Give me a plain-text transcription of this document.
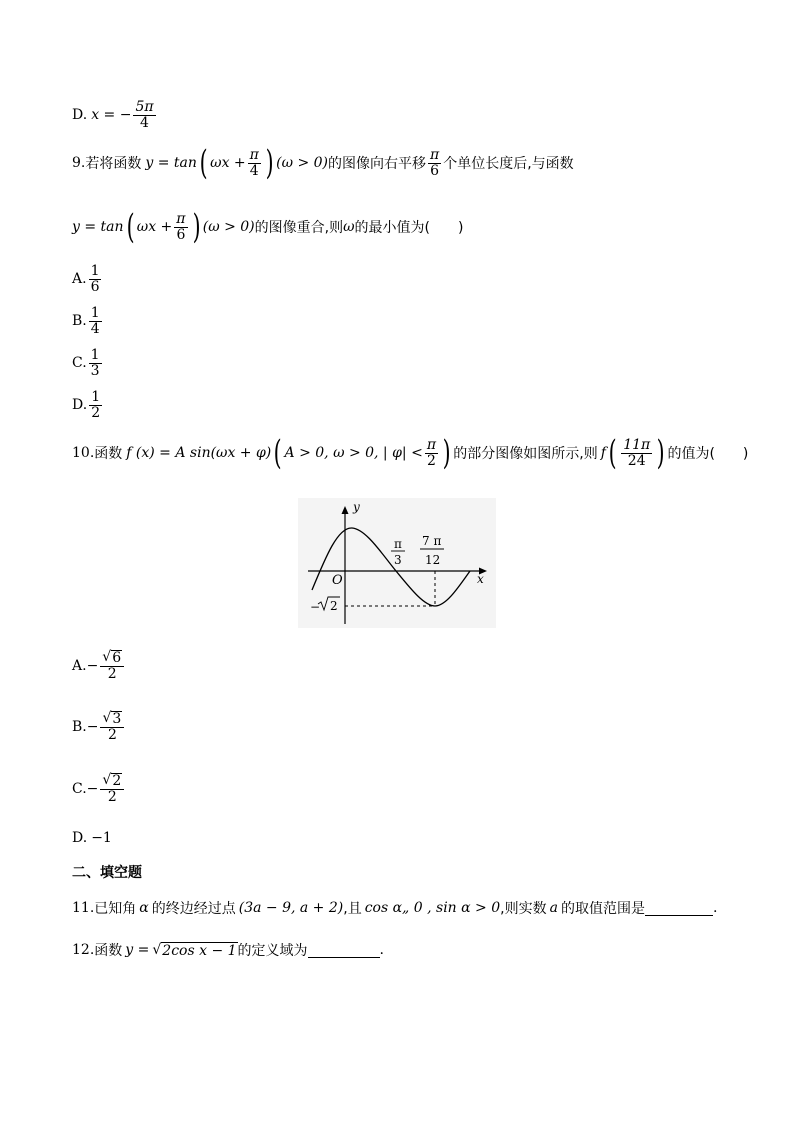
D. x = − $\frac{5\pi}{4}$
9. 若将函数 y = tan ( $\omega x + \frac{\pi}{4}$ ) (ω > 0) 的图像向右平移 $\frac{\pi}{6}$ 个单位长度后,与函数
y = tan ( $\omega x + \frac{\pi}{6}$ ) (ω > 0) 的图像重合,则 ω 的最小值为(　　)
A. $\frac{1}{6}$
B. $\frac{1}{4}$
C. $\frac{1}{3}$
D. $\frac{1}{2}$
10. 函数 f (x) = A sin(ωx + φ) ( A > 0, ω > 0, | $\varphi| < \frac{\pi}{2}$ ) 的部分图像如图所示,则 f ( $\frac{11\pi}{24}$ ) 的值为(　　)
y
x
O
π
3
7 π
12
− 2
A. − $\frac{√ 6}{2}$
B. − $\frac{√ 3}{2}$
C. − $\frac{√ 2}{2}$
D. −1
二、填空题
11. 已知角 α 的终边经过点 (3a − 9, a + 2) ,且 cos α„ 0 , sin α > 0 ,则实数 a 的取值范围是	.
12. 函数 y = √ 2cos x − 1 的定义域为	.
